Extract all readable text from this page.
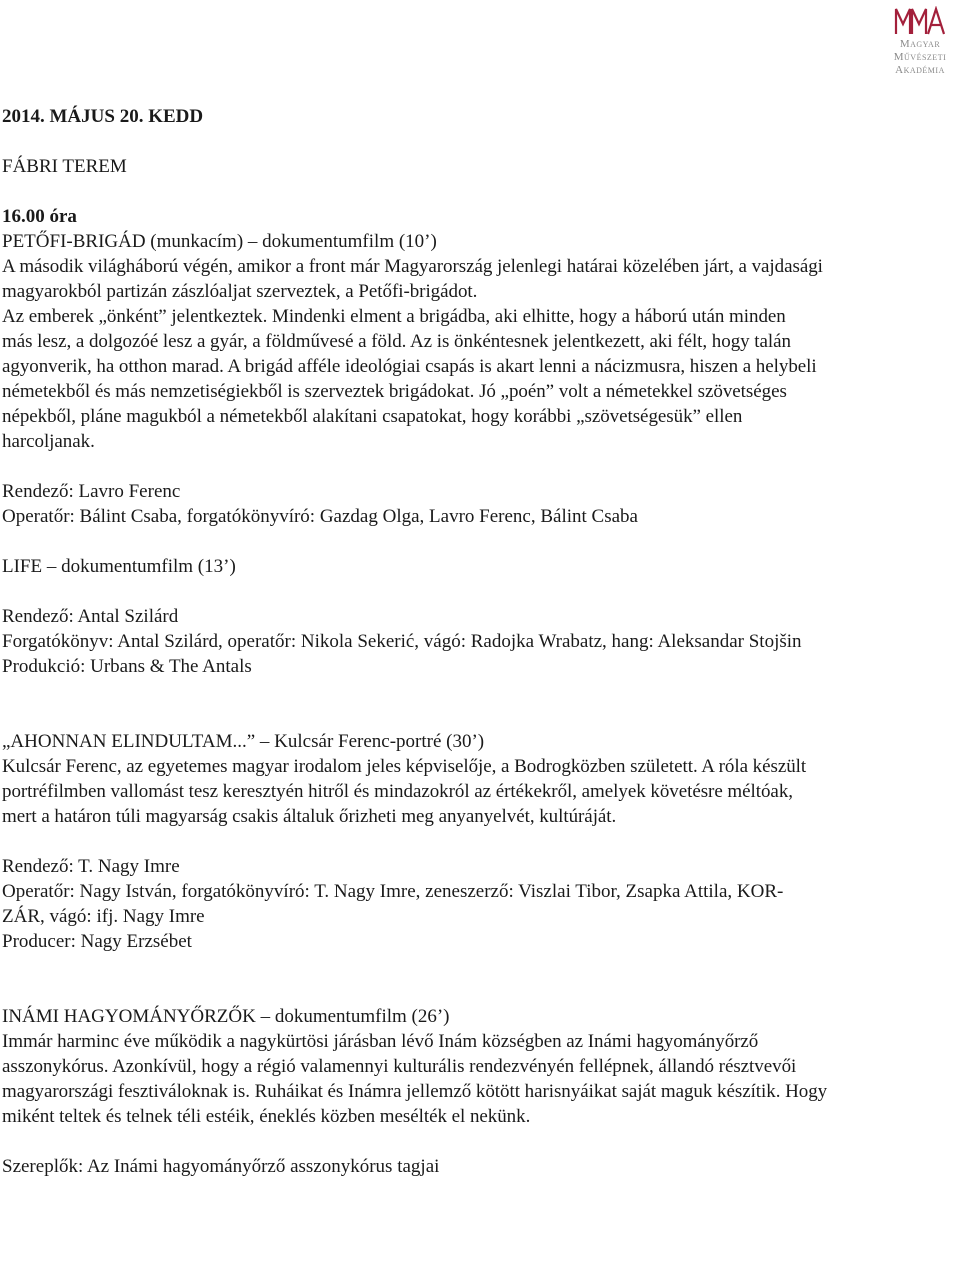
Magyar
Művészeti
Akadémia

2014. MÁJUS 20. KEDD

FÁBRI TEREM

16.00 óra

PETŐFI-BRIGÁD (munkacím) – dokumentumfilm (10’)

A második világháború végén, amikor a front már Magyarország jelenlegi határai közelében járt, a vajdasági
magyarokból partizán zászlóaljat szerveztek, a Petőfi-brigádot.
Az emberek „önként” jelentkeztek. Mindenki elment a brigádba, aki elhitte, hogy a háború után minden
más lesz, a dolgozóé lesz a gyár, a földművesé a föld. Az is önkéntesnek jelentkezett, aki félt, hogy talán
agyonverik, ha otthon marad. A brigád afféle ideológiai csapás is akart lenni a nácizmusra, hiszen a helybeli
németekből és más nemzetiségiekből is szerveztek brigádokat. Jó „poén” volt a németekkel szövetséges
népekből, pláne magukból a németekből alakítani csapatokat, hogy korábbi „szövetségesük” ellen
harcoljanak.

Rendező: Lavro Ferenc

Operatőr: Bálint Csaba, forgatókönyvíró: Gazdag Olga, Lavro Ferenc, Bálint Csaba

LIFE – dokumentumfilm (13’)

Rendező: Antal Szilárd

Forgatókönyv: Antal Szilárd, operatőr: Nikola Sekerić, vágó: Radojka Wrabatz, hang: Aleksandar Stojšin

Produkció: Urbans & The Antals

„AHONNAN ELINDULTAM...” – Kulcsár Ferenc-portré (30’)

Kulcsár Ferenc, az egyetemes magyar irodalom jeles képviselője, a Bodrogközben született. A róla készült
portréfilmben vallomást tesz keresztyén hitről és mindazokról az értékekről, amelyek követésre méltóak,
mert a határon túli magyarság csakis általuk őrizheti meg anyanyelvét, kultúráját.

Rendező: T. Nagy Imre

Operatőr: Nagy István, forgatókönyvíró: T. Nagy Imre, zeneszerző: Viszlai Tibor, Zsapka Attila, KOR-

ZÁR, vágó: ifj. Nagy Imre

Producer: Nagy Erzsébet

INÁMI HAGYOMÁNYŐRZŐK – dokumentumfilm (26’)

Immár harminc éve működik a nagykürtösi járásban lévő Inám községben az Inámi hagyományőrző
asszonykórus. Azonkívül, hogy a régió valamennyi kulturális rendezvényén fellépnek, állandó résztvevői
magyarországi fesztiváloknak is. Ruháikat és Inámra jellemző kötött harisnyáikat saját maguk készítik. Hogy
miként teltek és telnek téli estéik, éneklés közben mesélték el nekünk.

Szereplők: Az Inámi hagyományőrző asszonykórus tagjai
